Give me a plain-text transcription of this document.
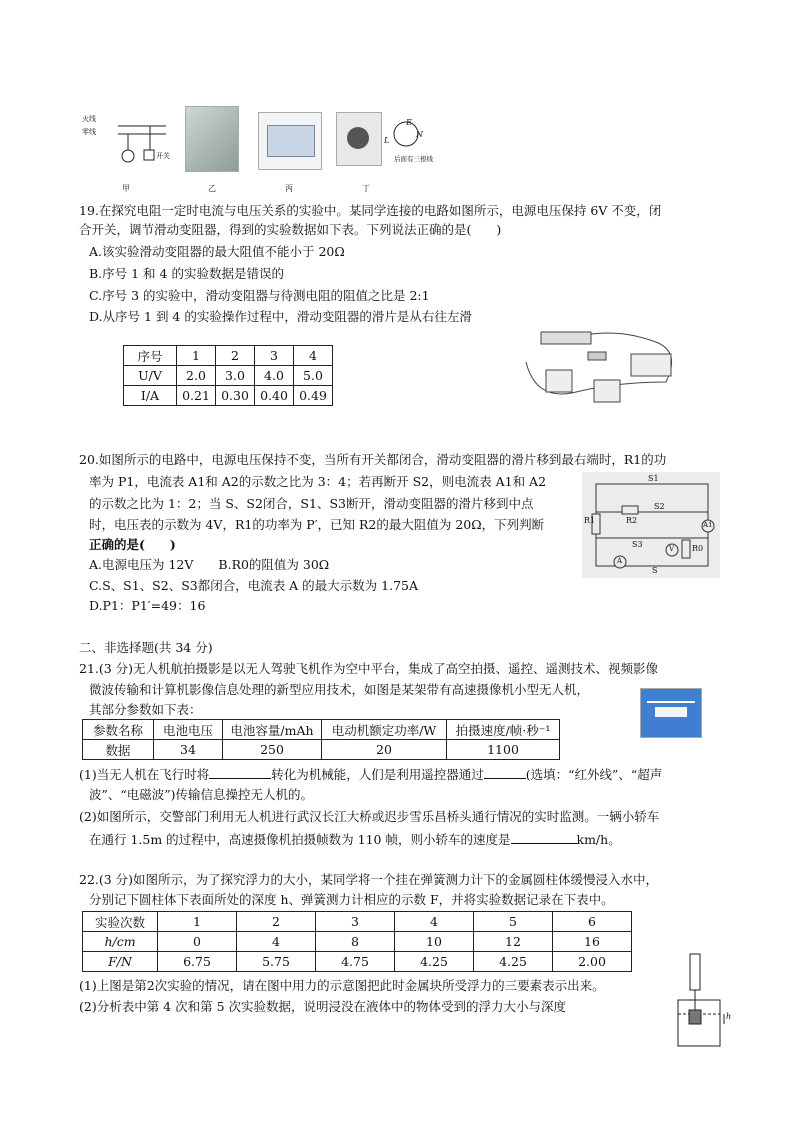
火线
零线
开关
L
E
N
后面有三根线
甲	乙	丙	丁
19.在探究电阻一定时电流与电压关系的实验中。某同学连接的电路如图所示，电源电压保持 6V 不变，闭
合开关，调节滑动变阻器，得到的实验数据如下表。下列说法正确的是(　　)
A.该实验滑动变阻器的最大阻值不能小于 20Ω
B.序号 1 和 4 的实验数据是错误的
C.序号 3 的实验中，滑动变阻器与待测电阻的阻值之比是 2:1
D.从序号 1 到 4 的实验操作过程中，滑动变阻器的滑片是从右往左滑
序号	1	2	3	4
U/V	2.0	3.0	4.0	5.0
I/A	0.21	0.30	0.40	0.49
20.如图所示的电路中，电源电压保持不变，当所有开关都闭合，滑动变阻器的滑片移到最右端时，R1的功
率为 P1，电流表 A1和 A2的示数之比为 3：4；若再断开 S2，则电流表 A1和 A2
的示数之比为 1：2；当 S、S2闭合，S1、S3断开，滑动变阻器的滑片移到中点
时，电压表的示数为 4V，R1的功率为 P′，已知 R2的最大阻值为 20Ω，下列判断
正确的是(　　)
A.电源电压为 12V　　B.R0的阻值为 30Ω
C.S、S1、S2、S3都闭合，电流表 A 的最大示数为 1.75A
D.P1：P1′=49：16
S1
S2
S3
R1	R2
R0
A1
A
V
S
二、非选择题(共 34 分)
21.(3 分)无人机航拍摄影是以无人驾驶飞机作为空中平台，集成了高空拍摄、遥控、遥测技术、视频影像
微波传输和计算机影像信息处理的新型应用技术，如图是某架带有高速摄像机小型无人机，
其部分参数如下表：
参数名称	电池电压	电池容量/mAh	电动机额定功率/W	拍摄速度/帧·秒⁻¹
数据	34	250	20	1100
(1)当无人机在飞行时将	转化为机械能，人们是利用遥控器通过	(选填：“红外线”、“超声
波”、“电磁波”)传输信息操控无人机的。
(2)如图所示，交警部门利用无人机进行武汉长江大桥或迟步雪乐昌桥头通行情况的实时监测。一辆小轿车
在通行 1.5m 的过程中，高速摄像机拍摄帧数为 110 帧，则小轿车的速度是	km/h。
22.(3 分)如图所示，为了探究浮力的大小，某同学将一个挂在弹簧测力计下的金属圆柱体缓慢浸入水中，
分别记下圆柱体下表面所处的深度 h、弹簧测力计相应的示数 F，并将实验数据记录在下表中。
实验次数	1	2	3	4	5	6
h/cm	0	4	8	10	12	16
F/N	6.75	5.75	4.75	4.25	4.25	2.00
(1)上图是第2次实验的情况，请在图中用力的示意图把此时金属块所受浮力的三要素表示出来。
(2)分析表中第 4 次和第 5 次实验数据，说明浸没在液体中的物体受到的浮力大小与深度
h
